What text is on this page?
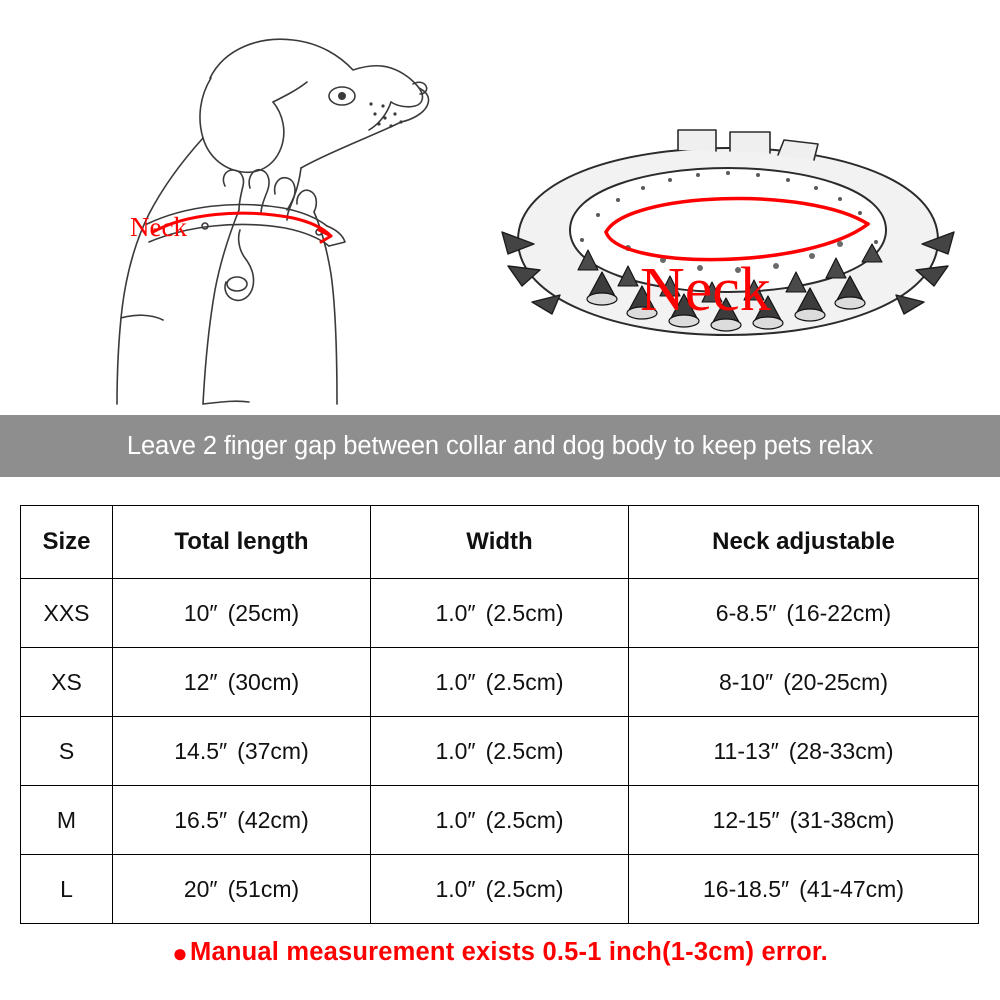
Neck
Neck
Leave 2 finger gap between collar and dog body to keep pets relax
Size	Total length	Width	Neck adjustable
XXS	10″ (25cm)	1.0″ (2.5cm)	6-8.5″ (16-22cm)
XS	12″ (30cm)	1.0″ (2.5cm)	8-10″ (20-25cm)
S	14.5″ (37cm)	1.0″ (2.5cm)	11-13″ (28-33cm)
M	16.5″ (42cm)	1.0″ (2.5cm)	12-15″ (31-38cm)
L	20″ (51cm)	1.0″ (2.5cm)	16-18.5″ (41-47cm)
●Manual measurement exists 0.5-1 inch(1-3cm) error.
